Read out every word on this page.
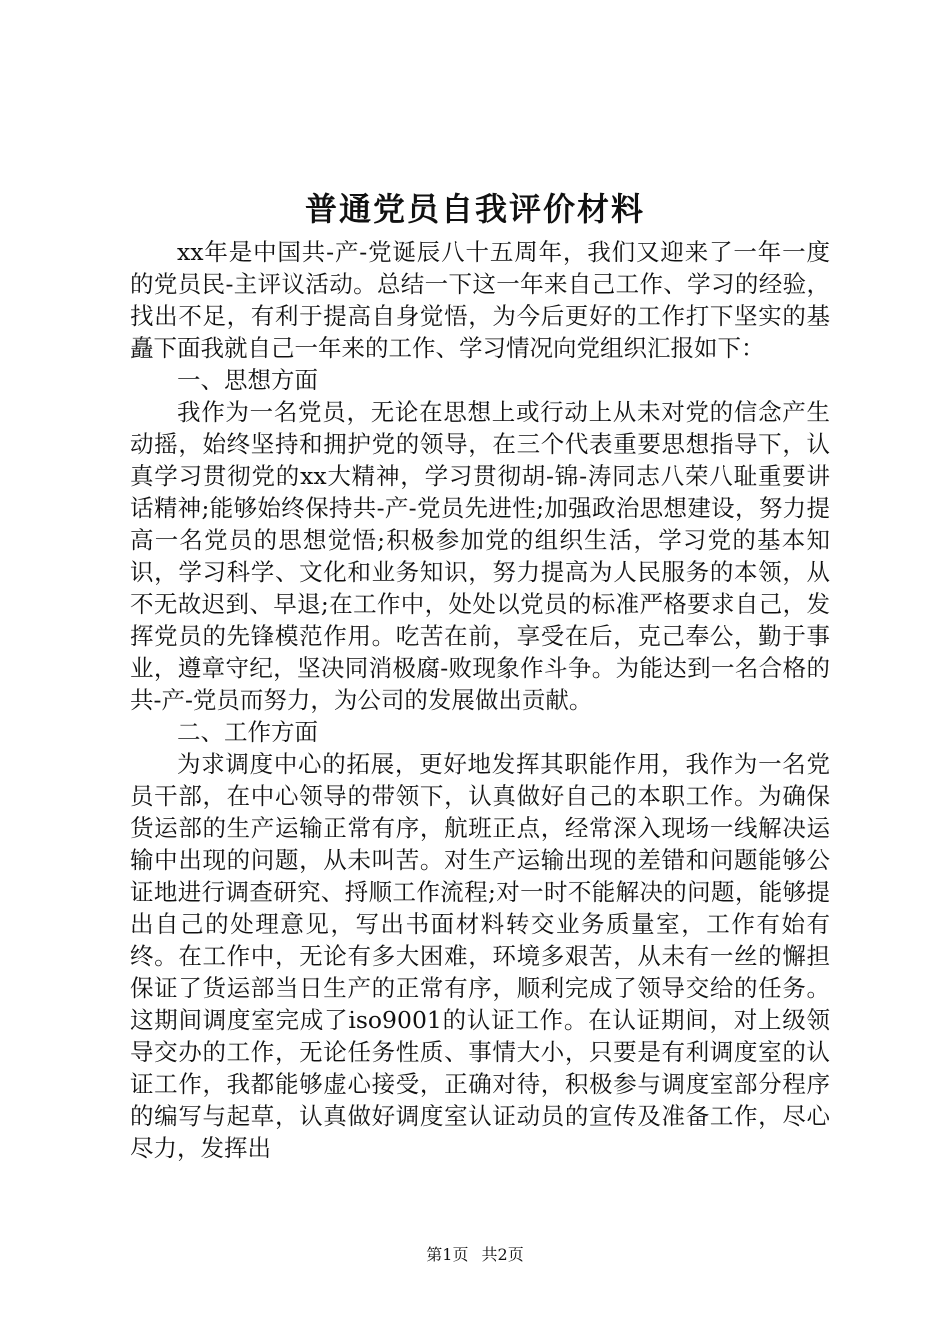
普通党员自我评价材料

xx年是中国共-产-党诞辰八十五周年，我们又迎来了一年一度的党员民-主评议活动。总结一下这一年来自己工作、学习的经验，找出不足，有利于提高自身觉悟，为今后更好的工作打下坚实的基矗下面我就自己一年来的工作、学习情况向党组织汇报如下：

一、思想方面

我作为一名党员，无论在思想上或行动上从未对党的信念产生动摇，始终坚持和拥护党的领导，在三个代表重要思想指导下，认真学习贯彻党的xx大精神，学习贯彻胡-锦-涛同志八荣八耻重要讲话精神;能够始终保持共-产-党员先进性;加强政治思想建设，努力提高一名党员的思想觉悟;积极参加党的组织生活，学习党的基本知识，学习科学、文化和业务知识，努力提高为人民服务的本领，从不无故迟到、早退;在工作中，处处以党员的标准严格要求自己，发挥党员的先锋模范作用。吃苦在前，享受在后，克己奉公，勤于事业，遵章守纪，坚决同消极腐-败现象作斗争。为能达到一名合格的共-产-党员而努力，为公司的发展做出贡献。

二、工作方面

为求调度中心的拓展，更好地发挥其职能作用，我作为一名党员干部，在中心领导的带领下，认真做好自己的本职工作。为确保货运部的生产运输正常有序，航班正点，经常深入现场一线解决运输中出现的问题，从未叫苦。对生产运输出现的差错和问题能够公证地进行调查研究、捋顺工作流程;对一时不能解决的问题，能够提出自己的处理意见，写出书面材料转交业务质量室，工作有始有终。在工作中，无论有多大困难，环境多艰苦，从未有一丝的懈担保证了货运部当日生产的正常有序，顺利完成了领导交给的任务。这期间调度室完成了iso9001的认证工作。在认证期间，对上级领导交办的工作，无论任务性质、事情大小，只要是有利调度室的认证工作，我都能够虚心接受，正确对待，积极参与调度室部分程序的编写与起草，认真做好调度室认证动员的宣传及准备工作，尽心尽力，发挥出

第1页 共2页
